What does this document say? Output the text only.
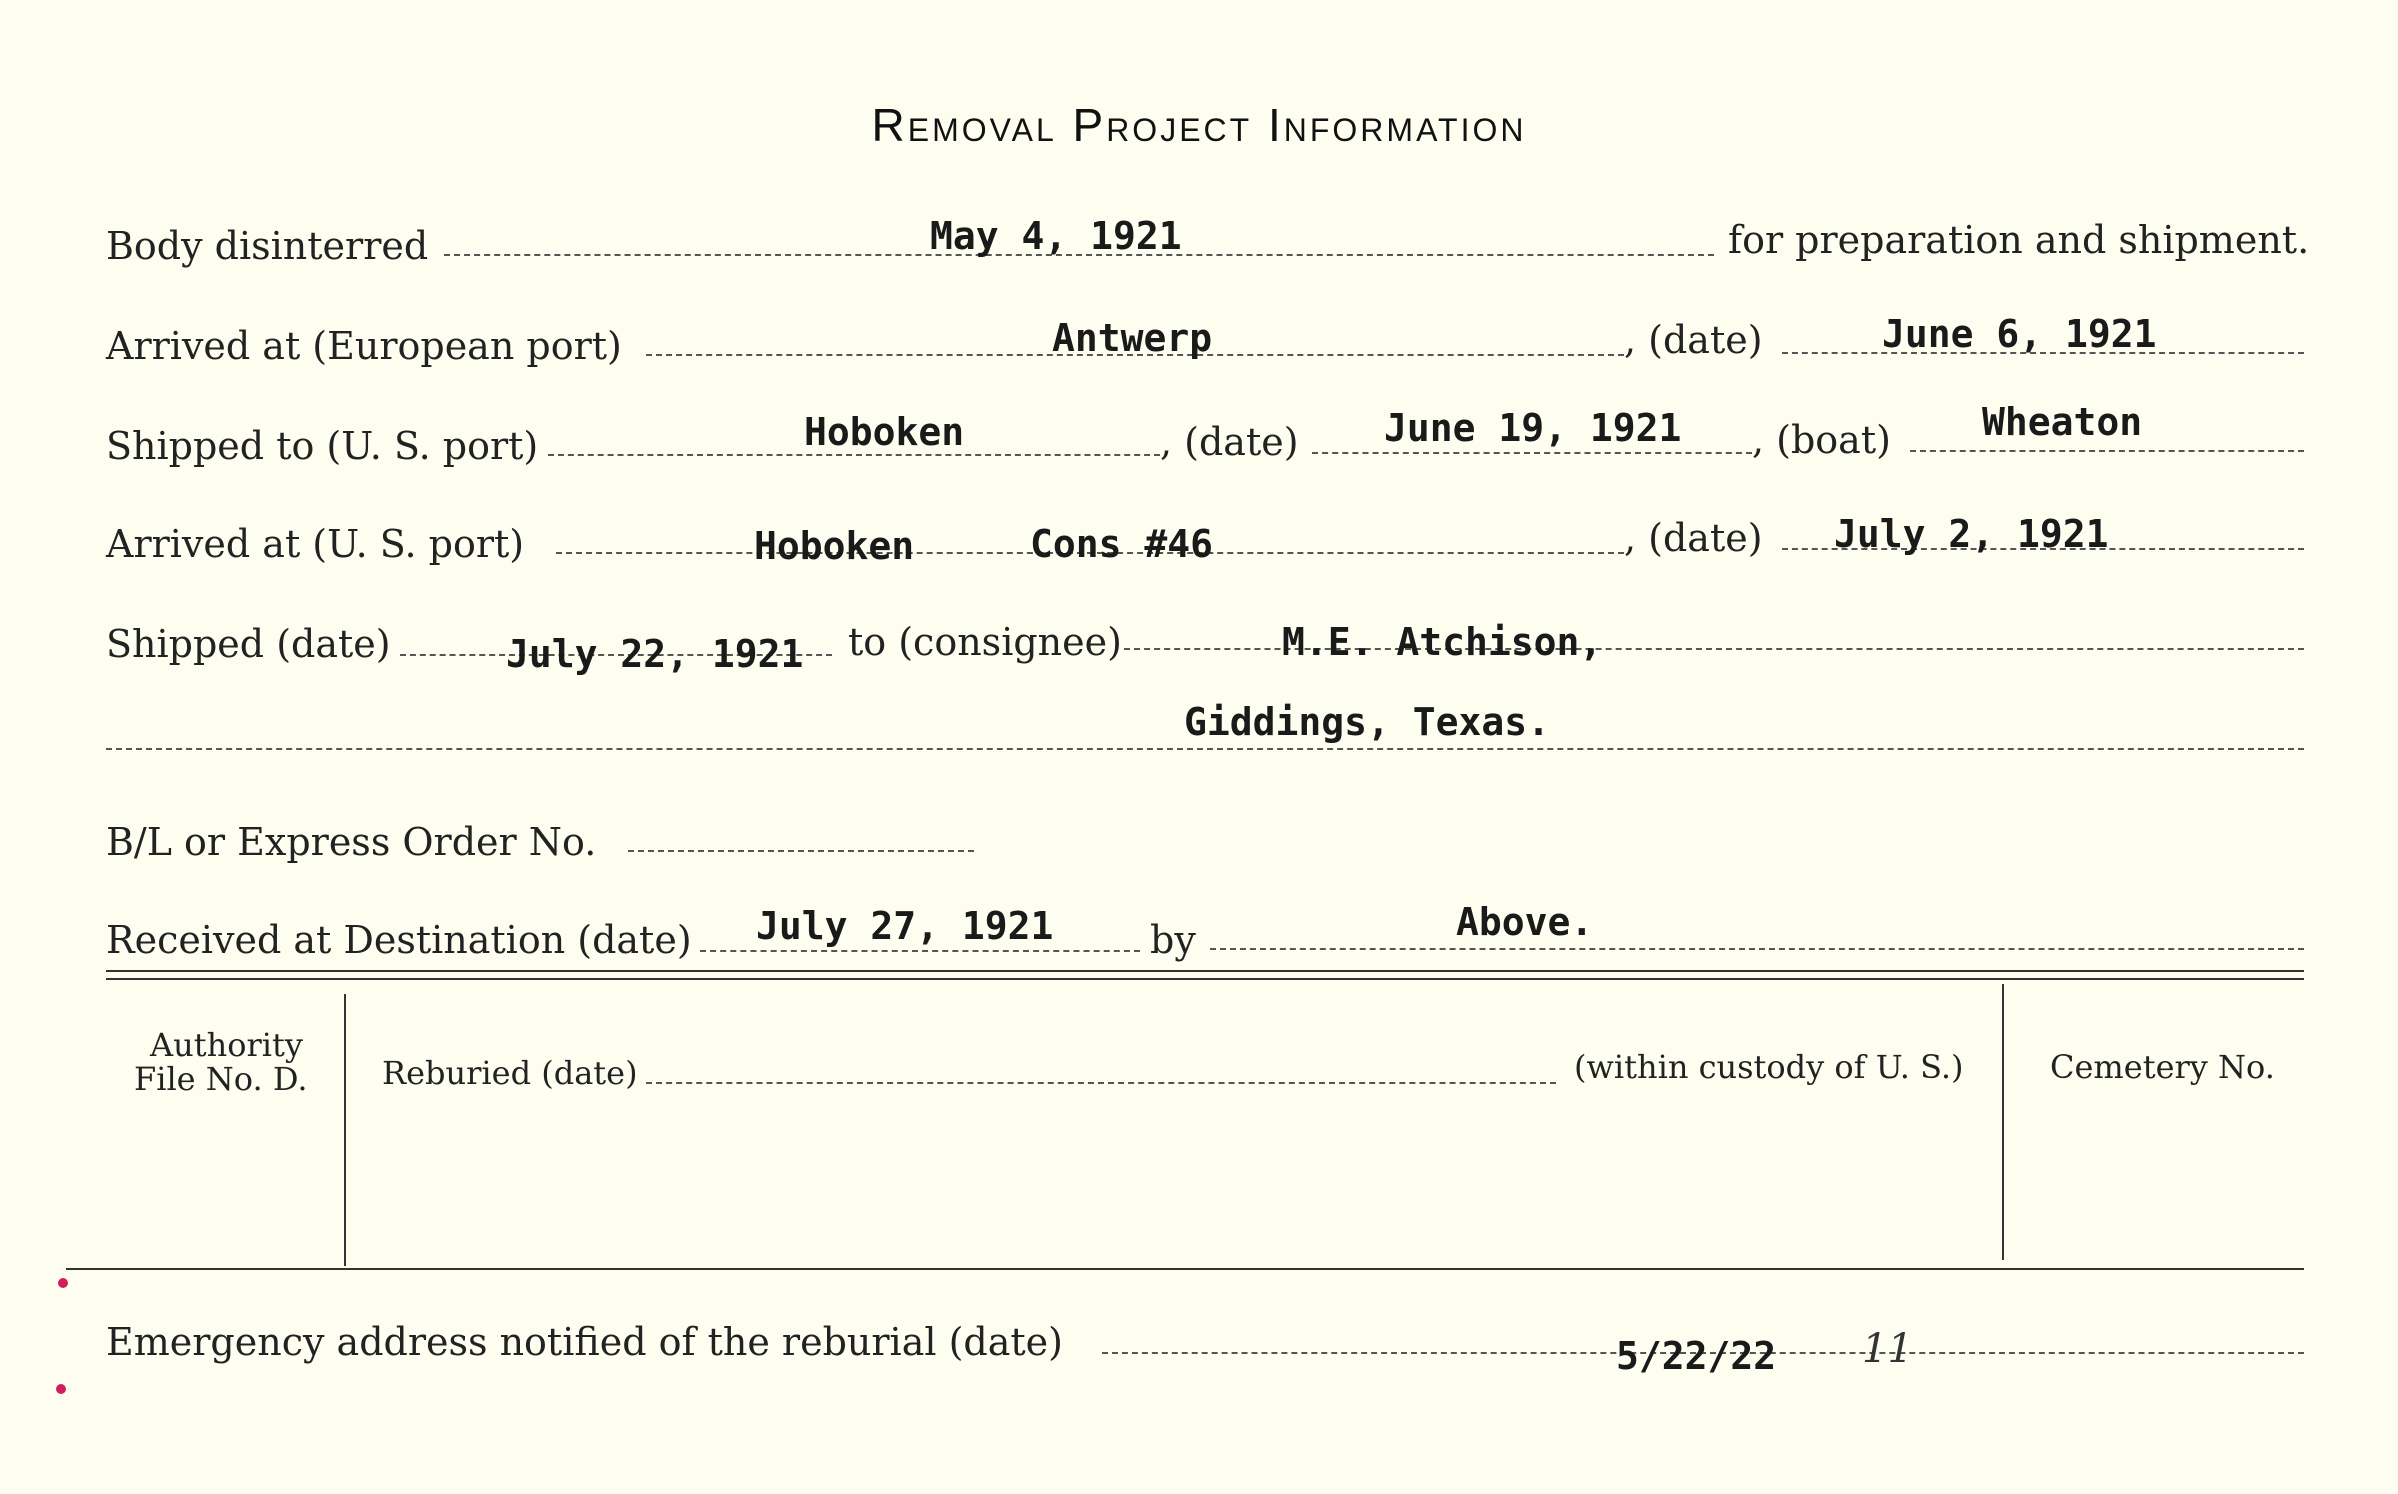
Removal Project Information
Body disinterred	May 4, 1921	for preparation and shipment.
Arrived at (European port)	Antwerp	, (date)	June 6, 1921
Shipped to (U. S. port)	Hoboken	, (date) June 19, 1921 , (boat) Wheaton
Arrived at (U. S. port)	Hoboken	Cons #46	, (date) July 2, 1921
Shipped (date)	July 22, 1921 to (consignee)	M.E. Atchison,
Giddings, Texas.
B/L or Express Order No.
Received at Destination (date) July 27, 1921	by	Above.
Authority
File No. D. Reburied (date)	(within custody of U. S.)	Cemetery No.
Emergency address notified of the reburial (date)	5/22/22 11
